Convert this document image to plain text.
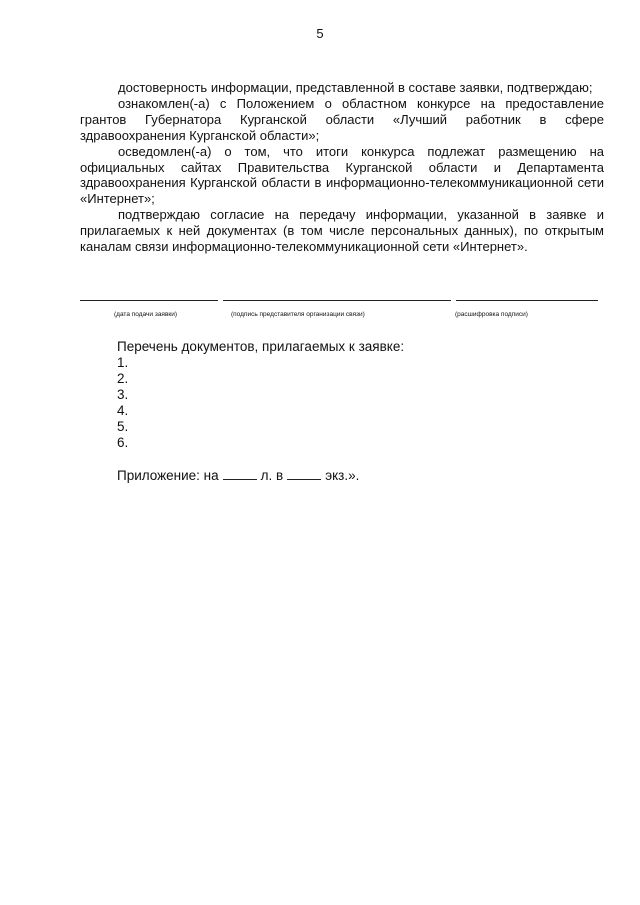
5

достоверность информации, представленной в составе заявки, подтверждаю;

ознакомлен(-а) с Положением о областном конкурсе на предоставление грантов Губернатора Курганской области «Лучший работник в сфере здравоохранения Курганской области»;

осведомлен(-а) о том, что итоги конкурса подлежат размещению на официальных сайтах Правительства Курганской области и Департамента здравоохранения Курганской области в информационно-телекоммуникационной сети «Интернет»;

подтверждаю согласие на передачу информации, указанной в заявке и прилагаемых к ней документах (в том числе персональных данных), по открытым каналам связи информационно-телекоммуникационной сети «Интернет».

(дата подачи заявки)	(подпись представителя организации связи)	(расшифровка подписи)
Перечень документов, прилагаемых к заявке:
1.
2.
3.
4.
5.
6.
Приложение: на	л. в	экз.».
